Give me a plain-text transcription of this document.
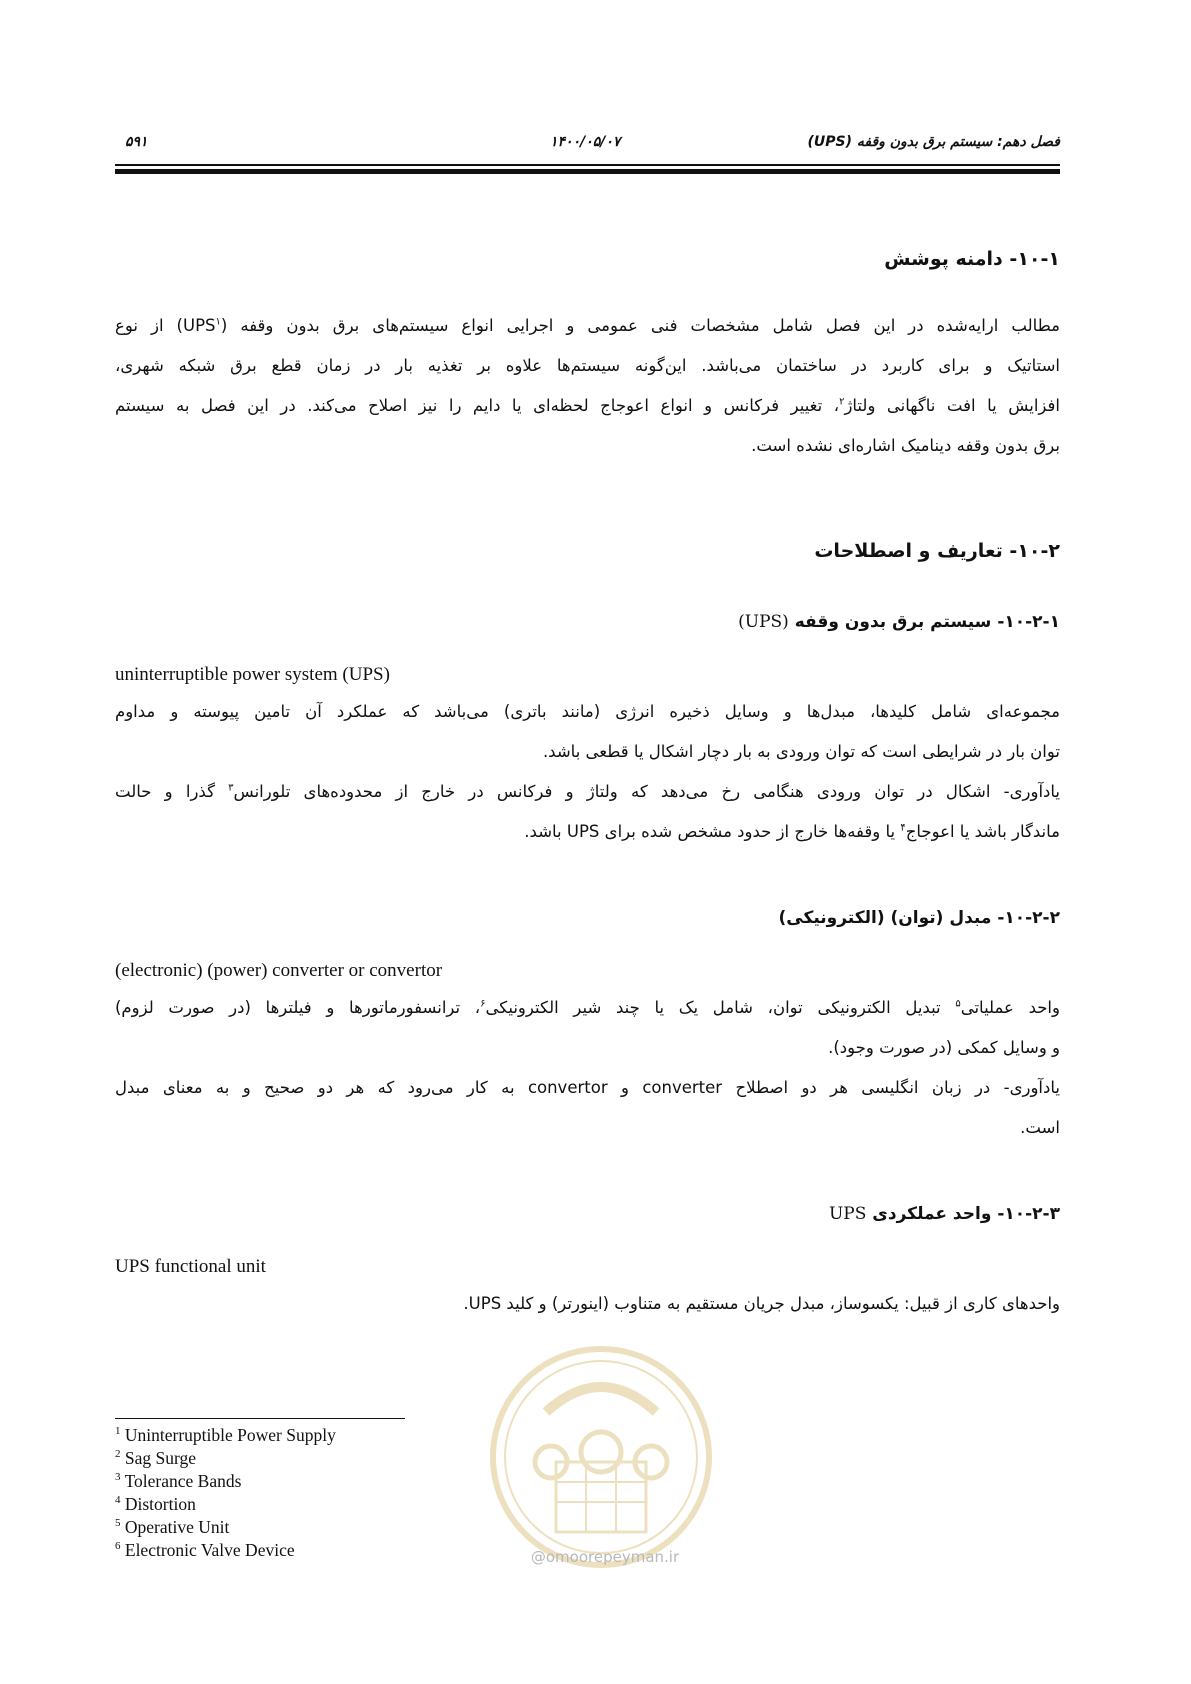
۵۹۱	۱۴۰۰/۰۵/۰۷	فصل دهم: سیستم برق بدون وقفه (UPS)
۱۰-۱- دامنه پوشش
مطالب ارایه‌شده در این فصل شامل مشخصات فنی عمومی و اجرایی انواع سیستم‌های برق بدون وقفه (UPS$^۱$) از نوع
استاتیک و برای کاربرد در ساختمان می‌باشد. این‌گونه سیستم‌ها علاوه بر تغذیه بار در زمان قطع برق شبکه شهری،
افزایش یا افت ناگهانی ولتاژ$^۲$، تغییر فرکانس و انواع اعوجاج لحظه‌ای یا دایم را نیز اصلاح می‌کند. در این فصل به سیستم
برق بدون وقفه دینامیک اشاره‌ای نشده است.
۱۰-۲- تعاریف و اصطلاحات
۱۰-۲-۱- سیستم برق بدون وقفه (UPS)
uninterruptible power system (UPS)
مجموعه‌ای شامل کلیدها، مبدل‌ها و وسایل ذخیره انرژی (مانند باتری) می‌باشد که عملکرد آن تامین پیوسته و مداوم
توان بار در شرایطی است که توان ورودی به بار دچار اشکال یا قطعی باشد.
یادآوری- اشکال در توان ورودی هنگامی رخ می‌دهد که ولتاژ و فرکانس در خارج از محدوده‌های تلورانس$^۳$ گذرا و حالت
ماندگار باشد یا اعوجاج$^۴$ یا وقفه‌ها خارج از حدود مشخص شده برای UPS باشد.
۱۰-۲-۲- مبدل (توان) (الکترونیکی)
(electronic) (power) converter or convertor
واحد عملیاتی$^۵$ تبدیل الکترونیکی توان، شامل یک یا چند شیر الکترونیکی$^۶$، ترانسفورماتورها و فیلترها (در صورت لزوم)
و وسایل کمکی (در صورت وجود).
یادآوری- در زبان انگلیسی هر دو اصطلاح converter و convertor به کار می‌رود که هر دو صحیح و به معنای مبدل
است.
۱۰-۲-۳- واحد عملکردی UPS
UPS functional unit
واحدهای کاری از قبیل: یکسوساز، مبدل جریان مستقیم به متناوب (اینورتر) و کلید UPS.
@omoorepeyman.ir
$^1$ Uninterruptible Power Supply
$^2$ Sag Surge
$^3$ Tolerance Bands
$^4$ Distortion
$^5$ Operative Unit
$^6$ Electronic Valve Device
